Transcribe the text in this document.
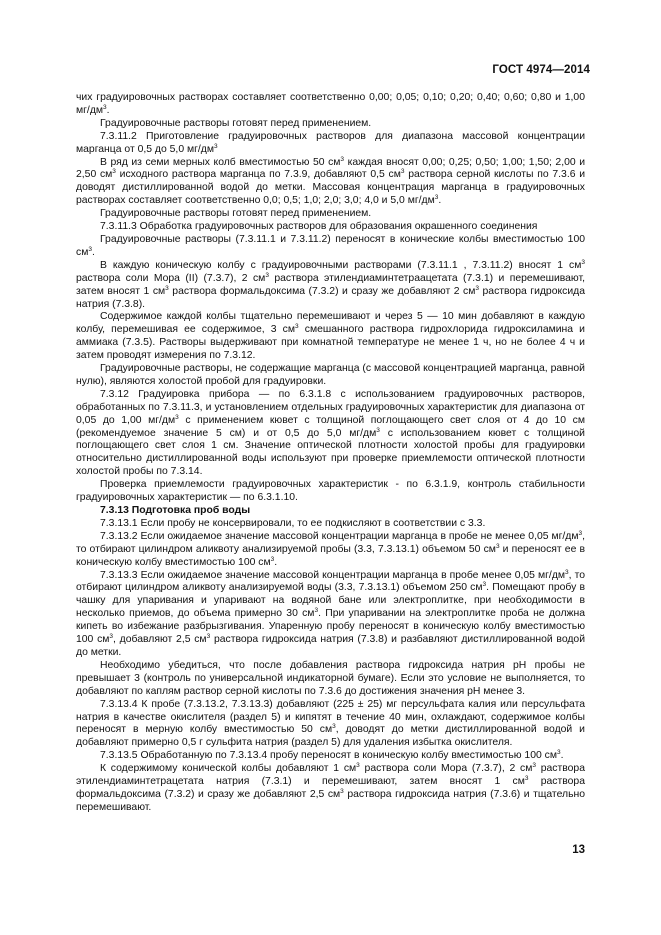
ГОСТ 4974—2014

чих градуировочных растворах составляет соответственно 0,00; 0,05; 0,10; 0,20; 0,40; 0,60; 0,80 и 1,00 $мг/дм^3$.

Градуировочные растворы готовят перед применением.

7.3.11.2 Приготовление градуировочных растворов для диапазона массовой концентрации марганца от 0,5 до 5,0 $мг/дм^3$

В ряд из семи мерных колб вместимостью 50 $см^3$ каждая вносят 0,00; 0,25; 0,50; 1,00; 1,50; 2,00 и 2,50 $см^3$ исходного раствора марганца по 7.3.9, добавляют 0,5 $см^3$ раствора серной кислоты по 7.3.6 и доводят дистиллированной водой до метки. Массовая концентрация марганца в градуировочных растворах составляет соответственно 0,0; 0,5; 1,0; 2,0; 3,0; 4,0 и 5,0 $мг/дм^3$.

Градуировочные растворы готовят перед применением.

7.3.11.3 Обработка градуировочных растворов для образования окрашенного соединения

Градуировочные растворы (7.3.11.1 и 7.3.11.2) переносят в конические колбы вместимостью 100 $см^3$.

В каждую коническую колбу с градуировочными растворами (7.3.11.1 , 7.3.11.2) вносят 1 $см^3$ раствора соли Мора (II) (7.3.7), 2 $см^3$ раствора этилендиаминтетраацетата (7.3.1) и перемешивают, затем вносят 1 $см^3$ раствора формальдоксима (7.3.2) и сразу же добавляют 2 $см^3$ раствора гидроксида натрия (7.3.8).

Содержимое каждой колбы тщательно перемешивают и через 5 — 10 мин добавляют в каждую колбу, перемешивая ее содержимое, 3 $см^3$ смешанного раствора гидрохлорида гидроксиламина и аммиака (7.3.5). Растворы выдерживают при комнатной температуре не менее 1 ч, но не более 4 ч и затем проводят измерения по 7.3.12.

Градуировочные растворы, не содержащие марганца (с массовой концентрацией марганца, равной нулю), являются холостой пробой для градуировки.

7.3.12 Градуировка прибора — по 6.3.1.8 с использованием градуировочных растворов, обработанных по 7.3.11.3, и установлением отдельных градуировочных характеристик для диапазона от 0,05 до 1,00 $мг/дм^3$ с применением кювет с толщиной поглощающего свет слоя от 4 до 10 см (рекомендуемое значение 5 см) и от 0,5 до 5,0 $мг/дм^3$ с использованием кювет с толщиной поглощающего свет слоя 1 см. Значение оптической плотности холостой пробы для градуировки относительно дистиллированной воды используют при проверке приемлемости оптической плотности холостой пробы по 7.3.14.

Проверка приемлемости градуировочных характеристик - по 6.3.1.9, контроль стабильности градуировочных характеристик — по 6.3.1.10.

7.3.13 Подготовка проб воды

7.3.13.1 Если пробу не консервировали, то ее подкисляют в соответствии с 3.3.

7.3.13.2 Если ожидаемое значение массовой концентрации марганца в пробе не менее 0,05 $мг/дм^3$, то отбирают цилиндром аликвоту анализируемой пробы (3.3, 7.3.13.1) объемом 50 $см^3$ и переносят ее в коническую колбу вместимостью 100 $см^3$.

7.3.13.3 Если ожидаемое значение массовой концентрации марганца в пробе менее 0,05 $мг/дм^3$, то отбирают цилиндром аликвоту анализируемой воды (3.3, 7.3.13.1) объемом 250 $см^3$. Помещают пробу в чашку для упаривания и упаривают на водяной бане или электроплитке, при необходимости в несколько приемов, до объема примерно 30 $см^3$. При упаривании на электроплитке проба не должна кипеть во избежание разбрызгивания. Упаренную пробу переносят в коническую колбу вместимостью 100 $см^3$, добавляют 2,5 $см^3$ раствора гидроксида натрия (7.3.8) и разбавляют дистиллированной водой до метки.

Необходимо убедиться, что после добавления раствора гидроксида натрия pH пробы не превышает 3 (контроль по универсальной индикаторной бумаге). Если это условие не выполняется, то добавляют по каплям раствор серной кислоты по 7.3.6 до достижения значения pH менее 3.

7.3.13.4 К пробе (7.3.13.2, 7.3.13.3) добавляют (225 ± 25) мг персульфата калия или персульфата натрия в качестве окислителя (раздел 5) и кипятят в течение 40 мин, охлаждают, содержимое колбы переносят в мерную колбу вместимостью 50 $см^3$, доводят до метки дистиллированной водой и добавляют примерно 0,5 г сульфита натрия (раздел 5) для удаления избытка окислителя.

7.3.13.5 Обработанную по 7.3.13.4 пробу переносят в коническую колбу вместимостью 100 $см^3$.

К содержимому конической колбы добавляют 1 $см^3$ раствора соли Мора (7.3.7), 2 $см^3$ раствора этилендиаминтетрацетата натрия (7.3.1) и перемешивают, затем вносят 1 $см^3$ раствора формальдоксима (7.3.2) и сразу же добавляют 2,5 $см^3$ раствора гидроксида натрия (7.3.6) и тщательно перемешивают.

13
